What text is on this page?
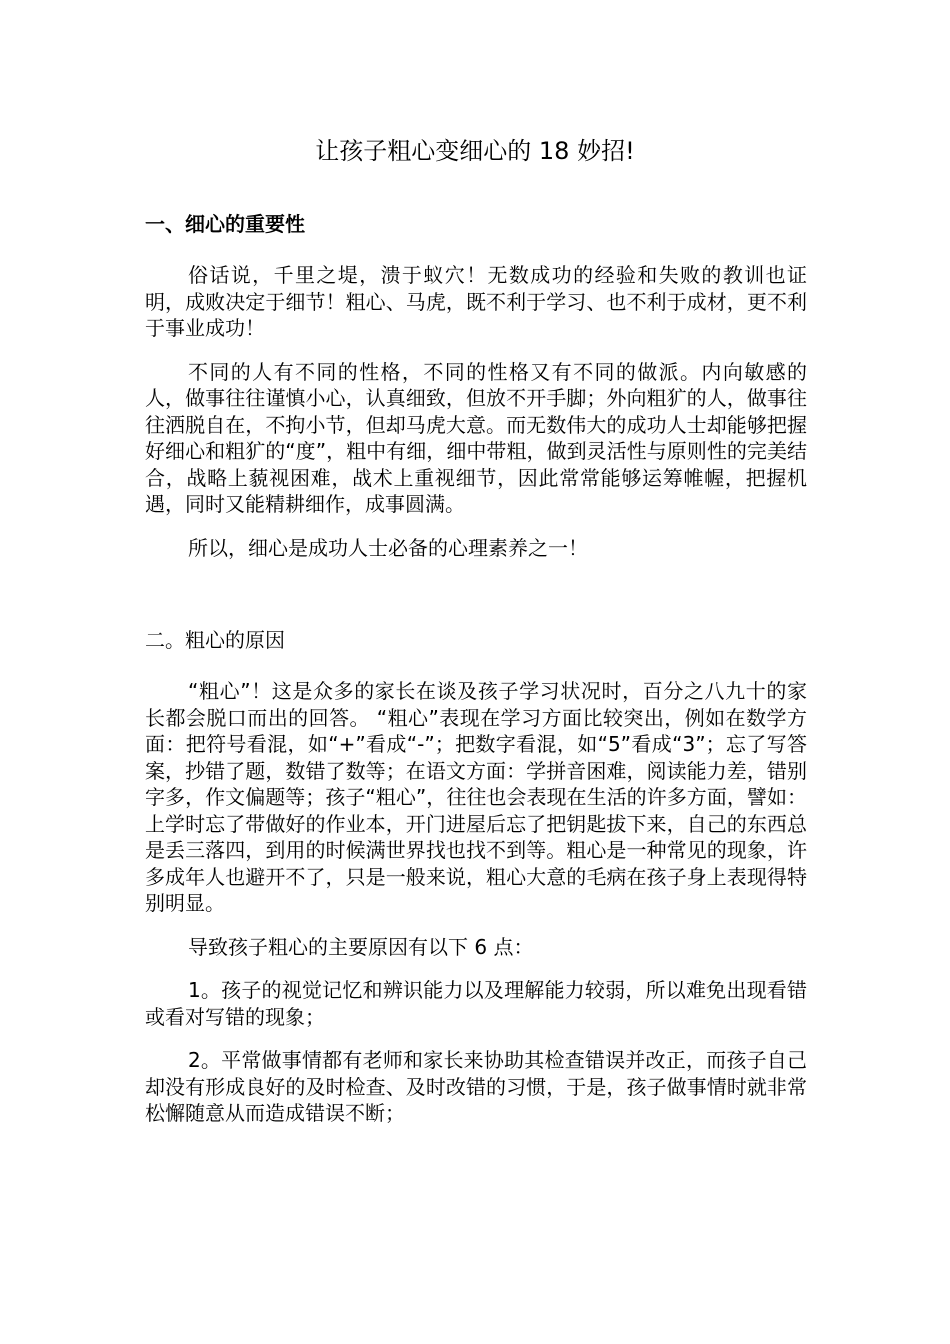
让孩子粗心变细心的 18 妙招!
一、细心的重要性

俗话说，千里之堤，溃于蚁穴！无数成功的经验和失败的教训也证明，成败决定于细节！粗心、马虎，既不利于学习、也不利于成材，更不利于事业成功！

不同的人有不同的性格，不同的性格又有不同的做派。内向敏感的人，做事往往谨慎小心，认真细致，但放不开手脚；外向粗犷的人，做事往往洒脱自在，不拘小节，但却马虎大意。而无数伟大的成功人士却能够把握好细心和粗犷的“度”，粗中有细，细中带粗，做到灵活性与原则性的完美结合，战略上藐视困难，战术上重视细节，因此常常能够运筹帷幄，把握机遇，同时又能精耕细作，成事圆满。

所以，细心是成功人士必备的心理素养之一！

二。粗心的原因

“粗心”！这是众多的家长在谈及孩子学习状况时，百分之八九十的家长都会脱口而出的回答。 “粗心”表现在学习方面比较突出，例如在数学方面：把符号看混，如“+”看成“-”；把数字看混，如“5”看成“3”；忘了写答案，抄错了题，数错了数等；在语文方面：学拼音困难，阅读能力差，错别字多，作文偏题等；孩子“粗心”，往往也会表现在生活的许多方面，譬如：上学时忘了带做好的作业本，开门进屋后忘了把钥匙拔下来，自己的东西总是丢三落四，到用的时候满世界找也找不到等。粗心是一种常见的现象，许多成年人也避开不了，只是一般来说，粗心大意的毛病在孩子身上表现得特别明显。

导致孩子粗心的主要原因有以下 6 点：

1。孩子的视觉记忆和辨识能力以及理解能力较弱，所以难免出现看错或看对写错的现象；

2。平常做事情都有老师和家长来协助其检查错误并改正，而孩子自己却没有形成良好的及时检查、及时改错的习惯，于是，孩子做事情时就非常松懈随意从而造成错误不断；
